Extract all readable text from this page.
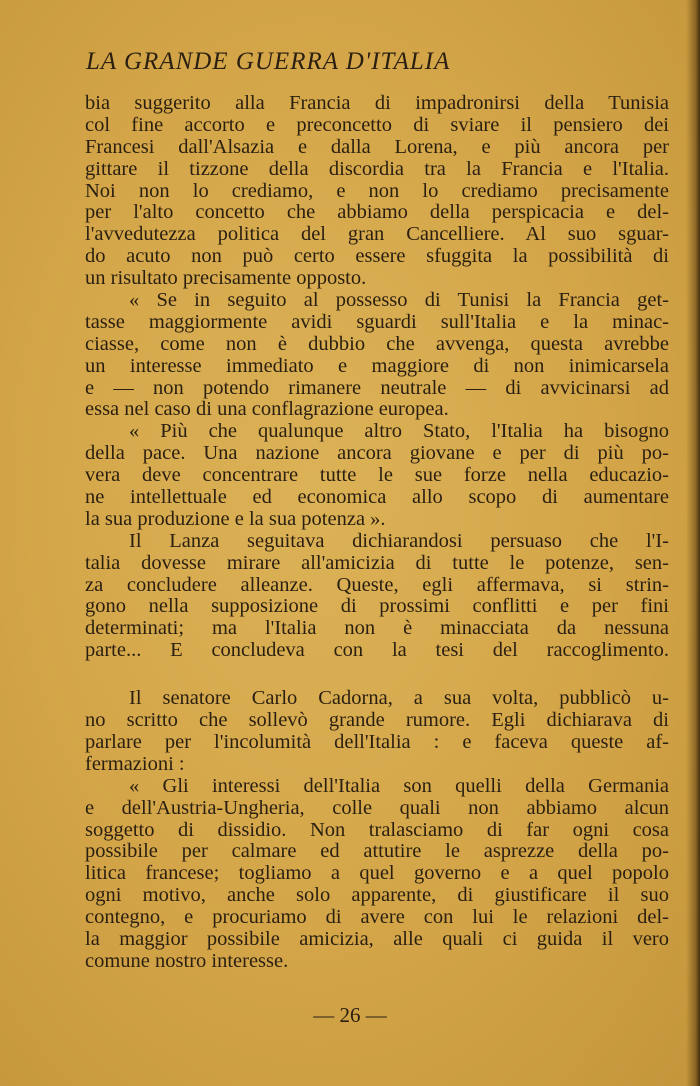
LA GRANDE GUERRA D'ITALIA
bia suggerito alla Francia di impadronirsi della Tunisia
col fine accorto e preconcetto di sviare il pensiero dei
Francesi dall'Alsazia e dalla Lorena, e più ancora per
gittare il tizzone della discordia tra la Francia e l'Italia.
Noi non lo crediamo, e non lo crediamo precisamente
per l'alto concetto che abbiamo della perspicacia e del-
l'avvedutezza politica del gran Cancelliere. Al suo sguar-
do acuto non può certo essere sfuggita la possibilità di
un risultato precisamente opposto.
« Se in seguito al possesso di Tunisi la Francia get-
tasse maggiormente avidi sguardi sull'Italia e la minac-
ciasse, come non è dubbio che avvenga, questa avrebbe
un interesse immediato e maggiore di non inimicarsela
e — non potendo rimanere neutrale — di avvicinarsi ad
essa nel caso di una conflagrazione europea.
« Più che qualunque altro Stato, l'Italia ha bisogno
della pace. Una nazione ancora giovane e per di più po-
vera deve concentrare tutte le sue forze nella educazio-
ne intellettuale ed economica allo scopo di aumentare
la sua produzione e la sua potenza ».
Il Lanza seguitava dichiarandosi persuaso che l'I-
talia dovesse mirare all'amicizia di tutte le potenze, sen-
za concludere alleanze. Queste, egli affermava, si strin-
gono nella supposizione di prossimi conflitti e per fini
determinati; ma l'Italia non è minacciata da nessuna
parte... E concludeva con la tesi del raccoglimento.
Il senatore Carlo Cadorna, a sua volta, pubblicò u-
no scritto che sollevò grande rumore. Egli dichiarava di
parlare per l'incolumità dell'Italia : e faceva queste af-
fermazioni :
« Gli interessi dell'Italia son quelli della Germania
e dell'Austria-Ungheria, colle quali non abbiamo alcun
soggetto di dissidio. Non tralasciamo di far ogni cosa
possibile per calmare ed attutire le asprezze della po-
litica francese; togliamo a quel governo e a quel popolo
ogni motivo, anche solo apparente, di giustificare il suo
contegno, e procuriamo di avere con lui le relazioni del-
la maggior possibile amicizia, alle quali ci guida il vero
comune nostro interesse.
— 26 —
